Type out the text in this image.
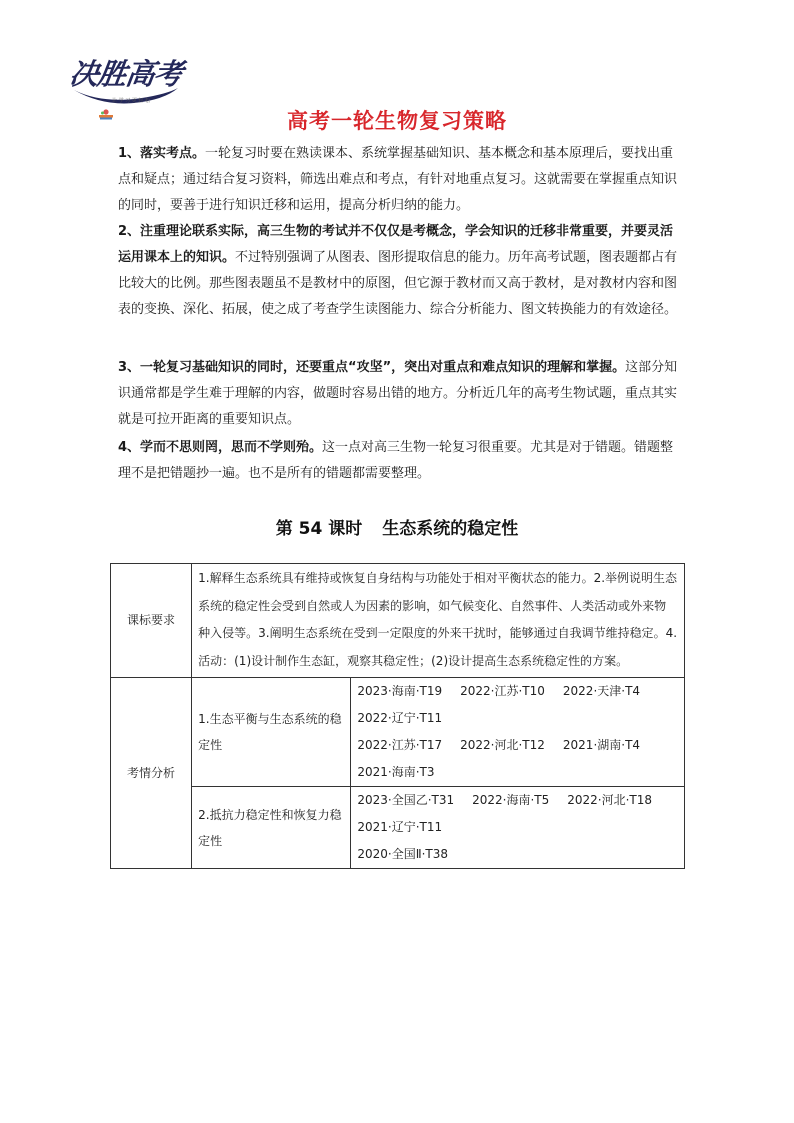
决胜高考
让 学 习 更 轻 松
高考一轮生物复习策略
1、落实考点。一轮复习时要在熟读课本、系统掌握基础知识、基本概念和基本原理后，要找出重点和疑点；通过结合复习资料，筛选出难点和考点，有针对地重点复习。这就需要在掌握重点知识的同时，要善于进行知识迁移和运用，提高分析归纳的能力。
2、注重理论联系实际，高三生物的考试并不仅仅是考概念，学会知识的迁移非常重要，并要灵活运用课本上的知识。不过特别强调了从图表、图形提取信息的能力。历年高考试题，图表题都占有比较大的比例。那些图表题虽不是教材中的原图，但它源于教材而又高于教材，是对教材内容和图表的变换、深化、拓展，使之成了考查学生读图能力、综合分析能力、图文转换能力的有效途径。
3、一轮复习基础知识的同时，还要重点“攻坚”，突出对重点和难点知识的理解和掌握。这部分知识通常都是学生难于理解的内容，做题时容易出错的地方。分析近几年的高考生物试题，重点其实就是可拉开距离的重要知识点。
4、学而不思则罔，思而不学则殆。这一点对高三生物一轮复习很重要。尤其是对于错题。错题整理不是把错题抄一遍。也不是所有的错题都需要整理。
第 54 课时 生态系统的稳定性
课标要求	1.解释生态系统具有维持或恢复自身结构与功能处于相对平衡状态的能力。2.举例说明生态系统的稳定性会受到自然或人为因素的影响，如气候变化、自然事件、人类活动或外来物种入侵等。3.阐明生态系统在受到一定限度的外来干扰时，能够通过自我调节维持稳定。4.活动：(1)设计制作生态缸，观察其稳定性；(2)设计提高生态系统稳定性的方案。	
考情分析	1.生态平衡与生态系统的稳定性	2023·海南·T19 2022·江苏·T10 2022·天津·T4
2022·辽宁·T11
2022·江苏·T17 2022·河北·T12 2021·湖南·T4
2021·海南·T3

	2.抵抗力稳定性和恢复力稳定性	2023·全国乙·T31 2022·海南·T5 2022·河北·T18
2021·辽宁·T11
2020·全国Ⅱ·T38
